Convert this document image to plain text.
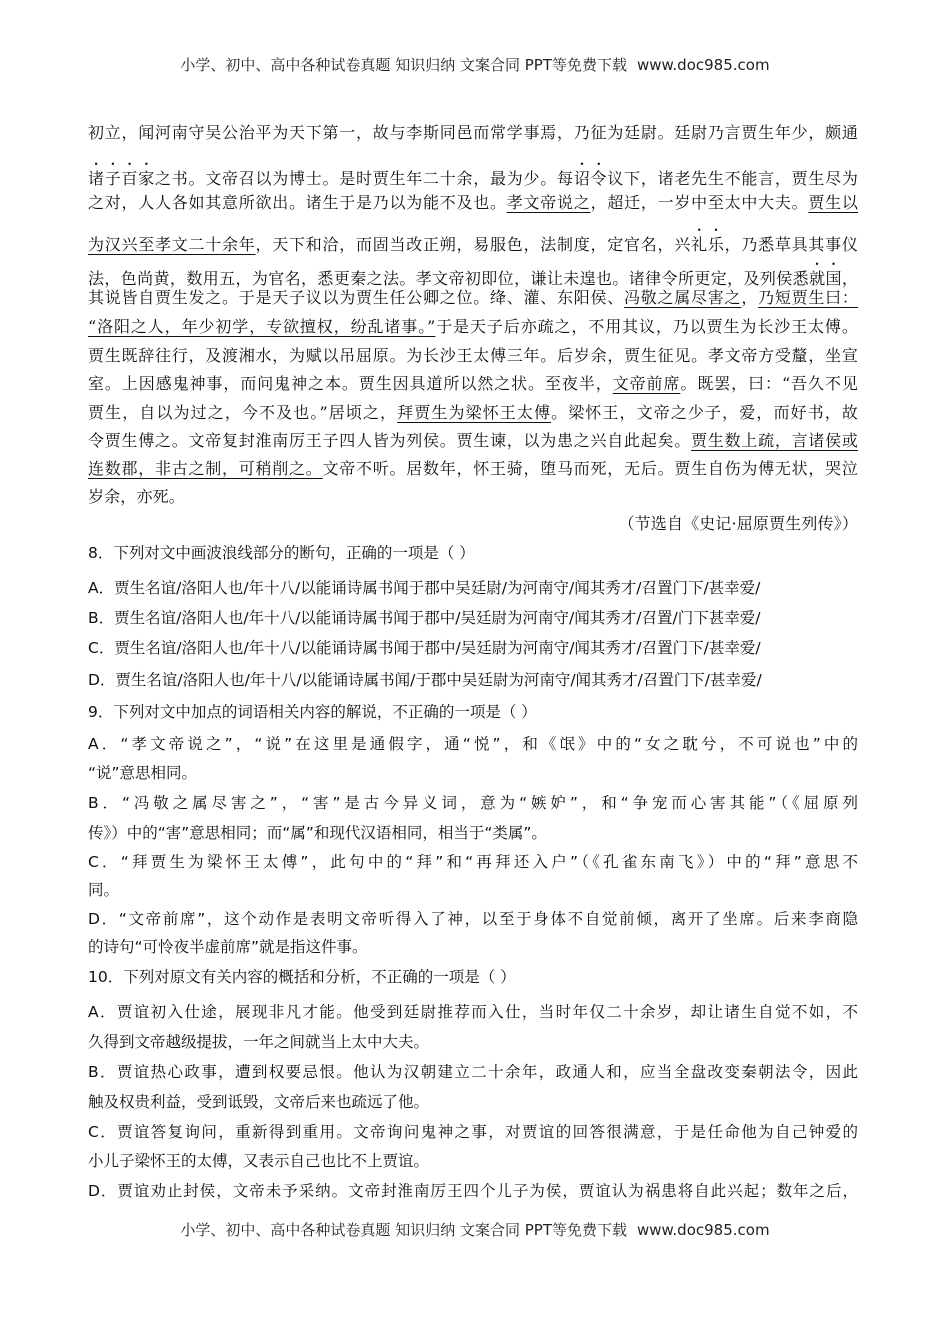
小学、初中、高中各种试卷真题 知识归纳 文案合同 PPT等免费下载 www.doc985.com
初立，闻河南守吴公治平为天下第一，故与李斯同邑而常学事焉，乃征为廷尉。廷尉乃言贾生年少，颇通
诸子百家之书。文帝召以为博士。是时贾生年二十余，最为少。每诏令议下，诸老先生不能言，贾生尽为
之对，人人各如其意所欲出。诸生于是乃以为能不及也。孝文帝说之，超迁，一岁中至太中大夫。贾生以
为汉兴至孝文二十余年，天下和洽，而固当改正朔，易服色，法制度，定官名，兴礼乐，乃悉草具其事仪
法，色尚黄，数用五，为官名，悉更秦之法。孝文帝初即位，谦让未遑也。诸律令所更定，及列侯悉就国，
其说皆自贾生发之。于是天子议以为贾生任公卿之位。绛、灌、东阳侯、冯敬之属尽害之，乃短贾生曰：
“洛阳之人，年少初学，专欲擅权，纷乱诸事。”于是天子后亦疏之，不用其议，乃以贾生为长沙王太傅。
贾生既辞往行，及渡湘水，为赋以吊屈原。为长沙王太傅三年。后岁余，贾生征见。孝文帝方受釐，坐宣
室。上因感鬼神事，而问鬼神之本。贾生因具道所以然之状。至夜半，文帝前席。既罢，曰：“吾久不见
贾生，自以为过之，今不及也。”居顷之，拜贾生为梁怀王太傅。梁怀王，文帝之少子，爱，而好书，故
令贾生傅之。文帝复封淮南厉王子四人皆为列侯。贾生谏，以为患之兴自此起矣。贾生数上疏，言诸侯或
连数郡，非古之制，可稍削之。文帝不听。居数年，怀王骑，堕马而死，无后。贾生自伤为傅无状，哭泣
岁余，亦死。
（节选自《史记·屈原贾生列传》）
8．下列对文中画波浪线部分的断句，正确的一项是（ ）
A．贾生名谊/洛阳人也/年十八/以能诵诗属书闻于郡中吴廷尉/为河南守/闻其秀才/召置门下/甚幸爱/
B．贾生名谊/洛阳人也/年十八/以能诵诗属书闻于郡中/吴廷尉为河南守/闻其秀才/召置/门下甚幸爱/
C．贾生名谊/洛阳人也/年十八/以能诵诗属书闻于郡中/吴廷尉为河南守/闻其秀才/召置门下/甚幸爱/
D．贾生名谊/洛阳人也/年十八/以能诵诗属书闻/于郡中吴廷尉为河南守/闻其秀才/召置门下/甚幸爱/
9．下列对文中加点的词语相关内容的解说，不正确的一项是（ ）
A．“孝文帝说之”，“说”在这里是通假字，通“悦”，和《氓》中的“女之耽兮，不可说也”中的
“说”意思相同。
B．“冯敬之属尽害之”，“害”是古今异义词，意为“嫉妒”，和“争宠而心害其能”（《屈原列
传》）中的“害”意思相同；而“属”和现代汉语相同，相当于“类属”。
C．“拜贾生为梁怀王太傅”，此句中的“拜”和“再拜还入户”（《孔雀东南飞》）中的“拜”意思不
同。
D．“文帝前席”，这个动作是表明文帝听得入了神，以至于身体不自觉前倾，离开了坐席。后来李商隐
的诗句“可怜夜半虚前席”就是指这件事。
10．下列对原文有关内容的概括和分析，不正确的一项是（ ）
A．贾谊初入仕途，展现非凡才能。他受到廷尉推荐而入仕，当时年仅二十余岁，却让诸生自觉不如，不
久得到文帝越级提拔，一年之间就当上太中大夫。
B．贾谊热心政事，遭到权要忌恨。他认为汉朝建立二十余年，政通人和，应当全盘改变秦朝法令，因此
触及权贵利益，受到诋毁，文帝后来也疏远了他。
C．贾谊答复询问，重新得到重用。文帝询问鬼神之事，对贾谊的回答很满意，于是任命他为自己钟爱的
小儿子梁怀王的太傅，又表示自己也比不上贾谊。
D．贾谊劝止封侯，文帝未予采纳。文帝封淮南厉王四个儿子为侯，贾谊认为祸患将自此兴起；数年之后，
小学、初中、高中各种试卷真题 知识归纳 文案合同 PPT等免费下载 www.doc985.com
